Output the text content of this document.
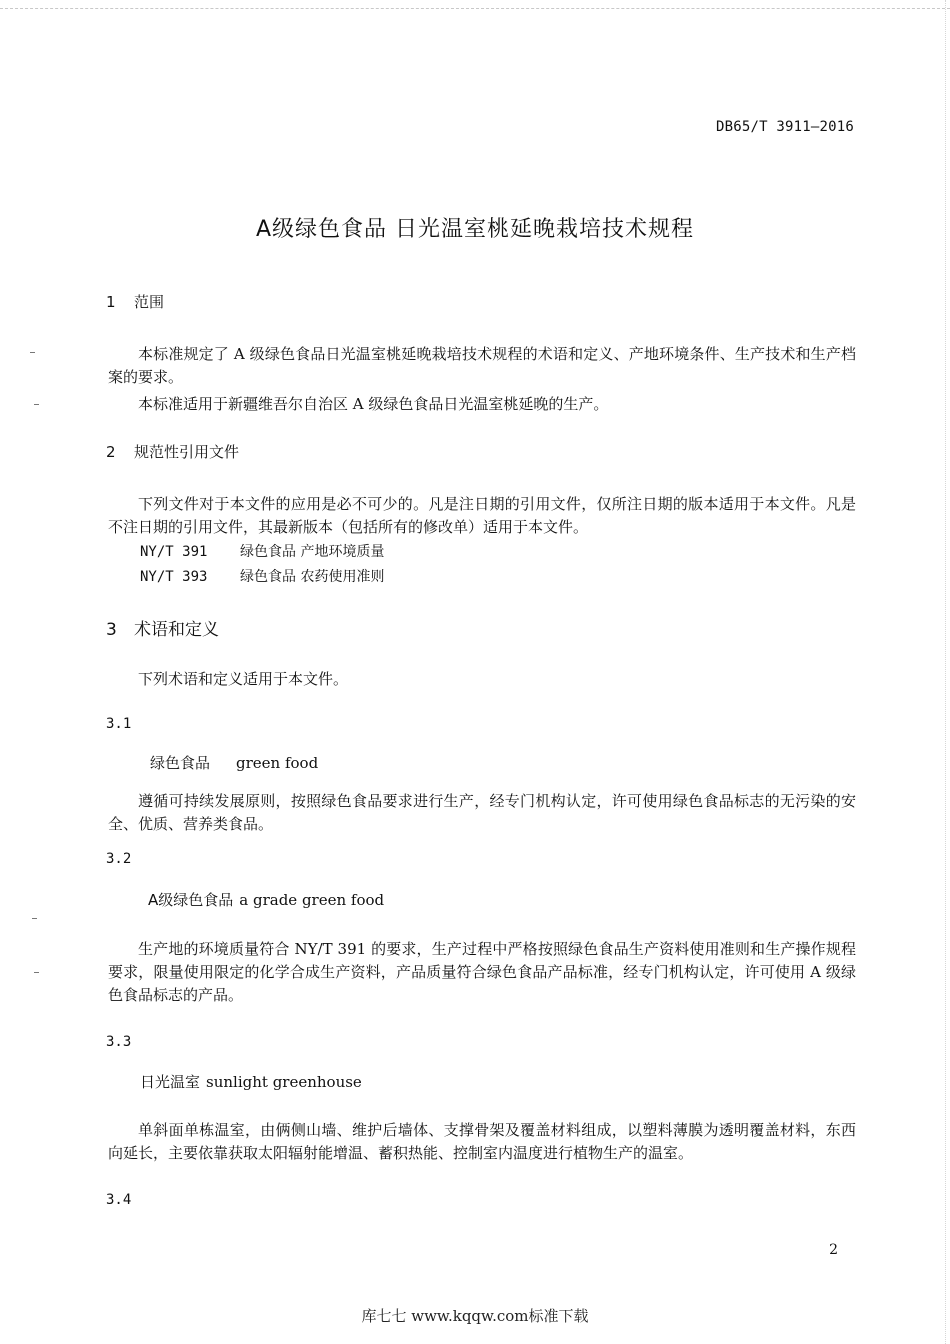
DB65/T 3911—2016
A级绿色食品 日光温室桃延晚栽培技术规程
1 范围
本标准规定了 A 级绿色食品日光温室桃延晚栽培技术规程的术语和定义、产地环境条件、生产技术和生产档案的要求。
本标准适用于新疆维吾尔自治区 A 级绿色食品日光温室桃延晚的生产。
2 规范性引用文件
下列文件对于本文件的应用是必不可少的。凡是注日期的引用文件，仅所注日期的版本适用于本文件。凡是不注日期的引用文件，其最新版本（包括所有的修改单）适用于本文件。
NY/T 391 绿色食品 产地环境质量
NY/T 393 绿色食品 农药使用准则
3 术语和定义
下列术语和定义适用于本文件。
3.1
绿色食品 green food
遵循可持续发展原则，按照绿色食品要求进行生产，经专门机构认定，许可使用绿色食品标志的无污染的安全、优质、营养类食品。
3.2
A级绿色食品 a grade green food
生产地的环境质量符合 NY/T 391 的要求，生产过程中严格按照绿色食品生产资料使用准则和生产操作规程要求，限量使用限定的化学合成生产资料，产品质量符合绿色食品产品标准，经专门机构认定，许可使用 A 级绿色食品标志的产品。
3.3
日光温室 sunlight greenhouse
单斜面单栋温室，由俩侧山墙、维护后墙体、支撑骨架及覆盖材料组成，以塑料薄膜为透明覆盖材料，东西向延长，主要依靠获取太阳辐射能增温、蓄积热能、控制室内温度进行植物生产的温室。
3.4
2
库七七 www.kqqw.com标准下载
